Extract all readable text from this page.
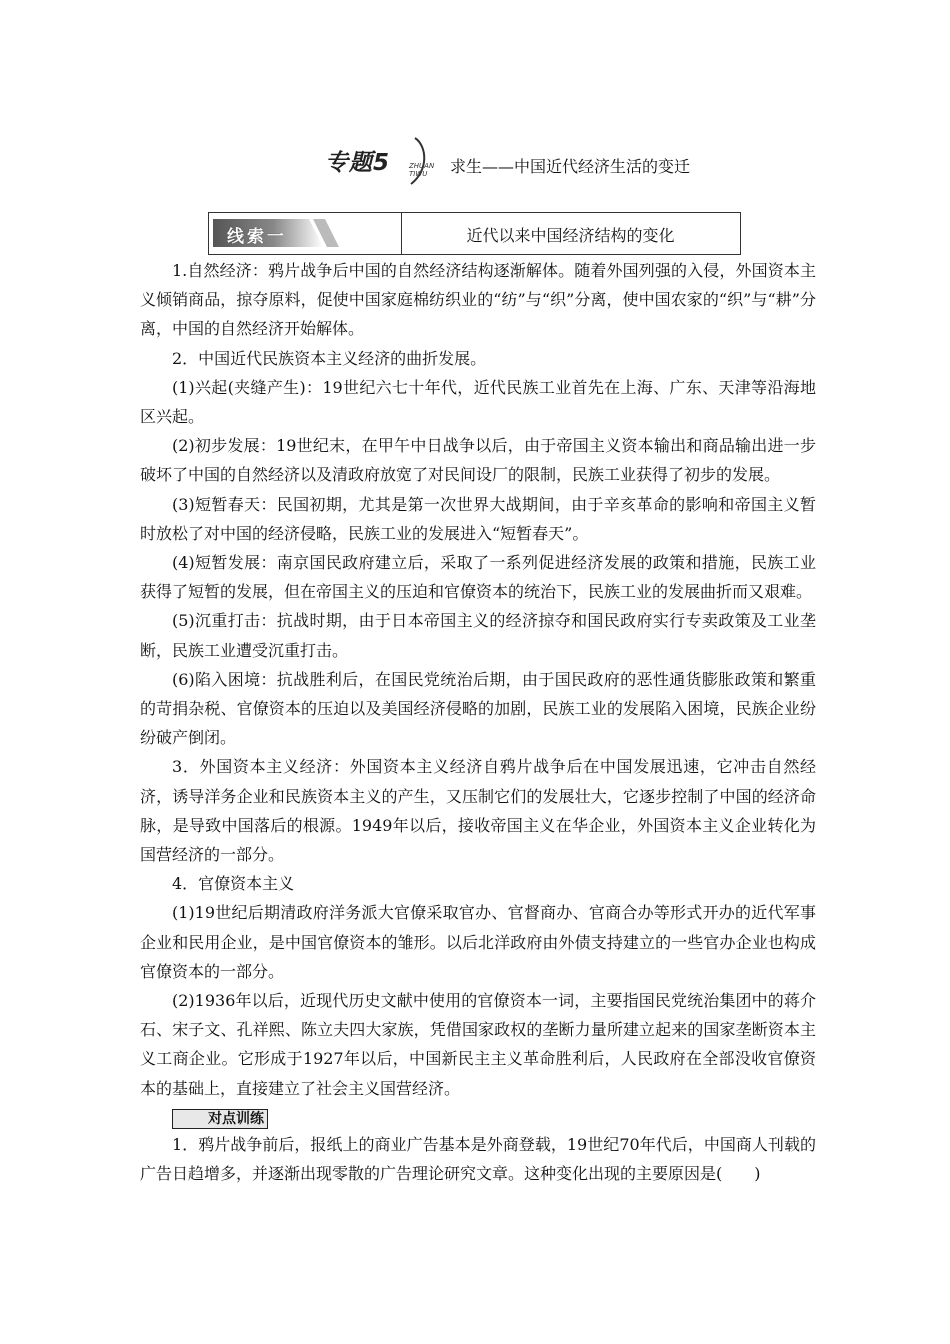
专题5	ZHUAN
TIWU	求生——中国近代经济生活的变迁
线索一	近代以来中国经济结构的变化

1.自然经济：鸦片战争后中国的自然经济结构逐渐解体。随着外国列强的入侵，外国资本主义倾销商品，掠夺原料，促使中国家庭棉纺织业的“纺”与“织”分离，使中国农家的“织”与“耕”分离，中国的自然经济开始解体。

2．中国近代民族资本主义经济的曲折发展。

(1)兴起(夹缝产生)：19世纪六七十年代，近代民族工业首先在上海、广东、天津等沿海地区兴起。

(2)初步发展：19世纪末，在甲午中日战争以后，由于帝国主义资本输出和商品输出进一步破坏了中国的自然经济以及清政府放宽了对民间设厂的限制，民族工业获得了初步的发展。

(3)短暂春天：民国初期，尤其是第一次世界大战期间，由于辛亥革命的影响和帝国主义暂时放松了对中国的经济侵略，民族工业的发展进入“短暂春天”。

(4)短暂发展：南京国民政府建立后，采取了一系列促进经济发展的政策和措施，民族工业获得了短暂的发展，但在帝国主义的压迫和官僚资本的统治下，民族工业的发展曲折而又艰难。

(5)沉重打击：抗战时期，由于日本帝国主义的经济掠夺和国民政府实行专卖政策及工业垄断，民族工业遭受沉重打击。

(6)陷入困境：抗战胜利后，在国民党统治后期，由于国民政府的恶性通货膨胀政策和繁重的苛捐杂税、官僚资本的压迫以及美国经济侵略的加剧，民族工业的发展陷入困境，民族企业纷纷破产倒闭。

3．外国资本主义经济：外国资本主义经济自鸦片战争后在中国发展迅速，它冲击自然经济，诱导洋务企业和民族资本主义的产生，又压制它们的发展壮大，它逐步控制了中国的经济命脉，是导致中国落后的根源。1949年以后，接收帝国主义在华企业，外国资本主义企业转化为国营经济的一部分。

4．官僚资本主义

(1)19世纪后期清政府洋务派大官僚采取官办、官督商办、官商合办等形式开办的近代军事企业和民用企业，是中国官僚资本的雏形。以后北洋政府由外债支持建立的一些官办企业也构成官僚资本的一部分。

(2)1936年以后，近现代历史文献中使用的官僚资本一词，主要指国民党统治集团中的蒋介石、宋子文、孔祥熙、陈立夫四大家族，凭借国家政权的垄断力量所建立起来的国家垄断资本主义工商企业。它形成于1927年以后，中国新民主主义革命胜利后，人民政府在全部没收官僚资本的基础上，直接建立了社会主义国营经济。

对点训练

1．鸦片战争前后，报纸上的商业广告基本是外商登载，19世纪70年代后，中国商人刊载的广告日趋增多，并逐渐出现零散的广告理论研究文章。这种变化出现的主要原因是(　　)
